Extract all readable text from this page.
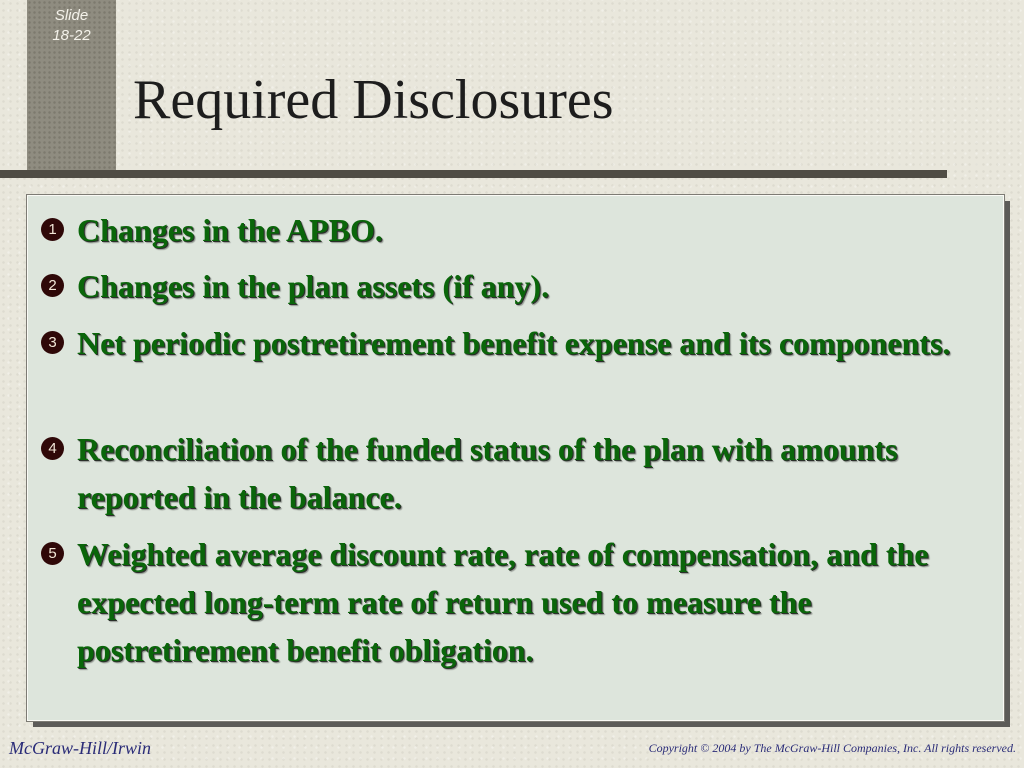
Slide
18-22
Required Disclosures
1 Changes in the APBO.
2 Changes in the plan assets (if any).
3 Net periodic postretirement benefit expense and its components.
4 Reconciliation of the funded status of the plan with amounts reported in the balance.
5 Weighted average discount rate, rate of compensation, and the expected long-term rate of return used to measure the postretirement benefit obligation.
McGraw-Hill/Irwin	Copyright © 2004 by The McGraw-Hill Companies, Inc. All rights reserved.
